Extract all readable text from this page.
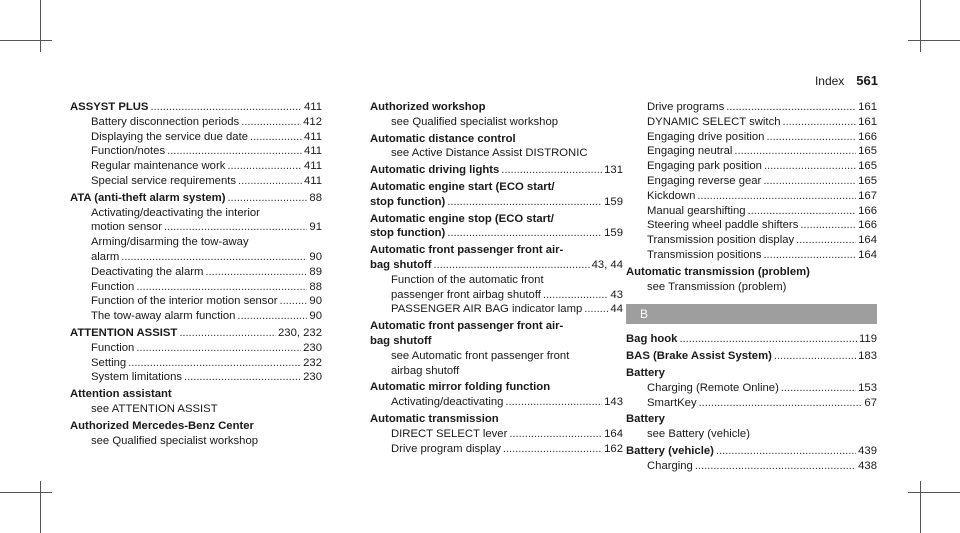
Index 561
ASSYST PLUS . . .	411
Battery disconnection periods . . .	412
Displaying the service due date . . .	411
Function/notes . . .	411
Regular maintenance work . . .	411
Special service requirements . . .	411
ATA (anti-theft alarm system) . . .	88
Activating/deactivating the interior
motion sensor . . .	91
Arming/disarming the tow-away
alarm . . .	90
Deactivating the alarm . . .	89
Function . . .	88
Function of the interior motion sensor . . .	90
The tow-away alarm function . . .	90
ATTENTION ASSIST . . .	230, 232
Function . . .	230
Setting . . .	232
System limitations . . .	230
Attention assistant
see ATTENTION ASSIST
Authorized Mercedes-Benz Center
see Qualified specialist workshop
Authorized workshop
see Qualified specialist workshop
Automatic distance control
see Active Distance Assist DISTRONIC
Automatic driving lights . . .	131
Automatic engine start (ECO start/
stop function) . . .	159
Automatic engine stop (ECO start/
stop function) . . .	159
Automatic front passenger front air-
bag shutoff . . .	43, 44
Function of the automatic front
passenger front airbag shutoff . . .	43
PASSENGER AIR BAG indicator lamp . . . 44
Automatic front passenger front air-
bag shutoff
see Automatic front passenger front
airbag shutoff
Automatic mirror folding function
Activating/deactivating . . .	143
Automatic transmission
DIRECT SELECT lever . . .	164
Drive program display . . .	162
Drive programs . . .	161
DYNAMIC SELECT switch . . .	161
Engaging drive position . . .	166
Engaging neutral . . .	165
Engaging park position . . .	165
Engaging reverse gear . . .	165
Kickdown . . .	167
Manual gearshifting . . .	166
Steering wheel paddle shifters . . .	166
Transmission position display . . .	164
Transmission positions . . .	164
Automatic transmission (problem)
see Transmission (problem)
B
Bag hook . . .	119
BAS (Brake Assist System) . . .	183
Battery
Charging (Remote Online) . . .	153
SmartKey . . .	67
Battery
see Battery (vehicle)
Battery (vehicle) . . .	439
Charging . . .	438
